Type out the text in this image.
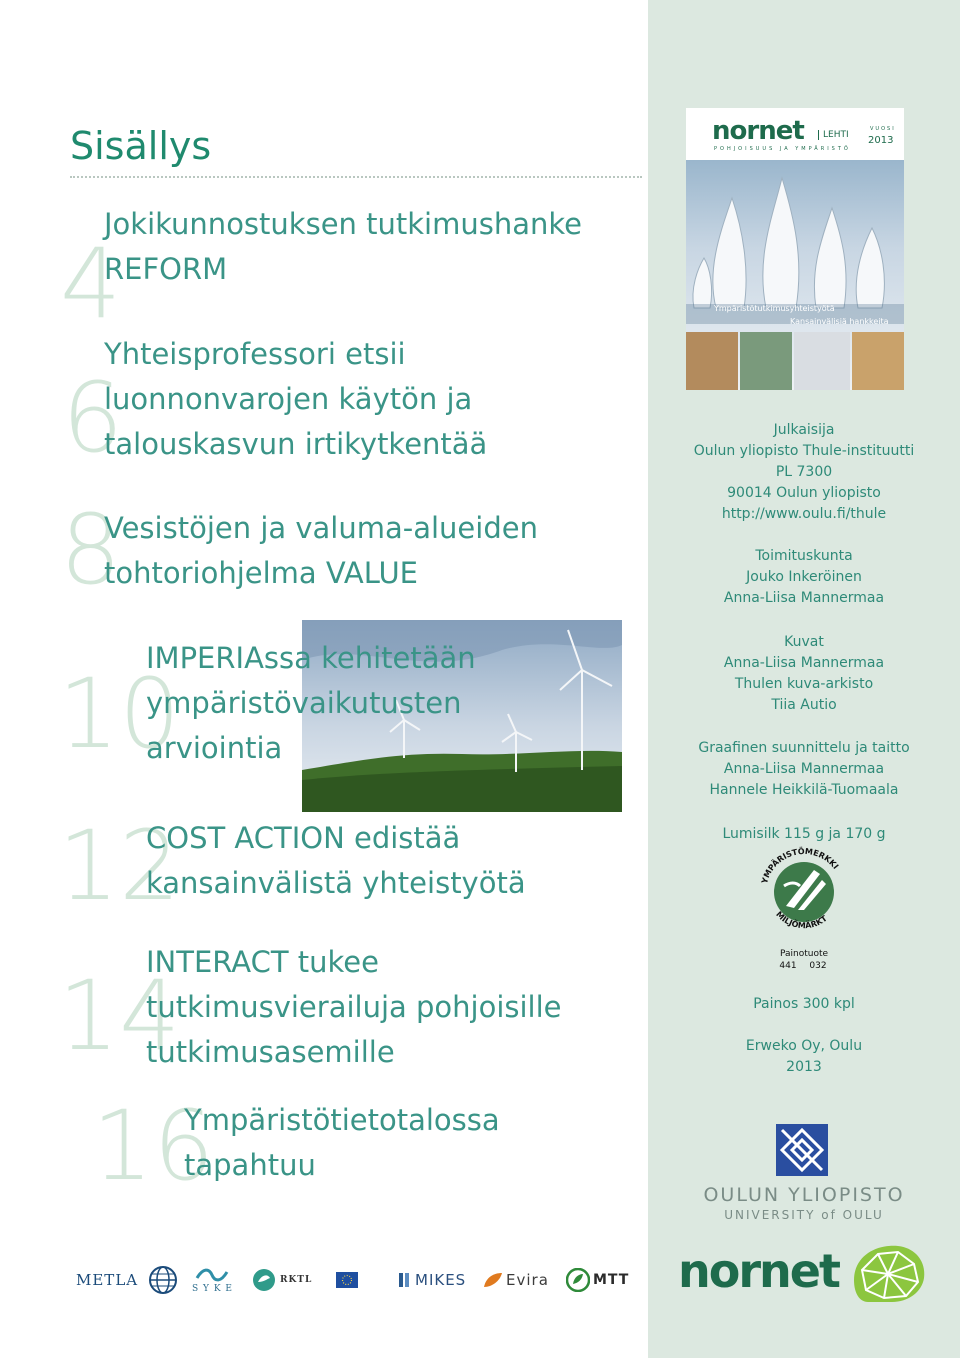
Sisällys
4
Jokikunnostuksen tutkimushanke
REFORM
6
Yhteisprofessori etsii
luonnonvarojen käytön ja
talouskasvun irtikytkentää
8
Vesistöjen ja valuma-alueiden
tohtoriohjelma VALUE
10
IMPERIAssa kehitetään
ympäristövaikutusten
arviointia
12
COST ACTION edistää
kansainvälistä yhteistyötä
14
INTERACT tukee
tutkimusvierailuja pohjoisille
tutkimusasemille
16
Ympäristötietotalossa
tapahtuu
METLA	S Y K E
RKTL	MIKES	Evira	MTT
nornet
POHJOISUUS JA YMPÄRISTÖ
LEHTI
VUOSI
2013
Ympäristötutkimusyhteistyötä
Kansainvälisiä hankkeita
Julkaisija
Oulun yliopisto Thule-instituutti
PL 7300
90014 Oulun yliopisto
http://www.oulu.fi/thule
Toimituskunta
Jouko Inkeröinen
Anna-Liisa Mannermaa
Kuvat
Anna-Liisa Mannermaa
Thulen kuva-arkisto
Tiia Autio
Graafinen suunnittelu ja taitto
Anna-Liisa Mannermaa
Hannele Heikkilä-Tuomaala
Lumisilk 115 g ja 170 g
YMPÄRISTÖMERKKI
MILJÖMÄRKT
Painotuote
441 032
Painos 300 kpl
Erweko Oy, Oulu
2013
OULUN YLIOPISTO
UNIVERSITY of OULU
nornet
